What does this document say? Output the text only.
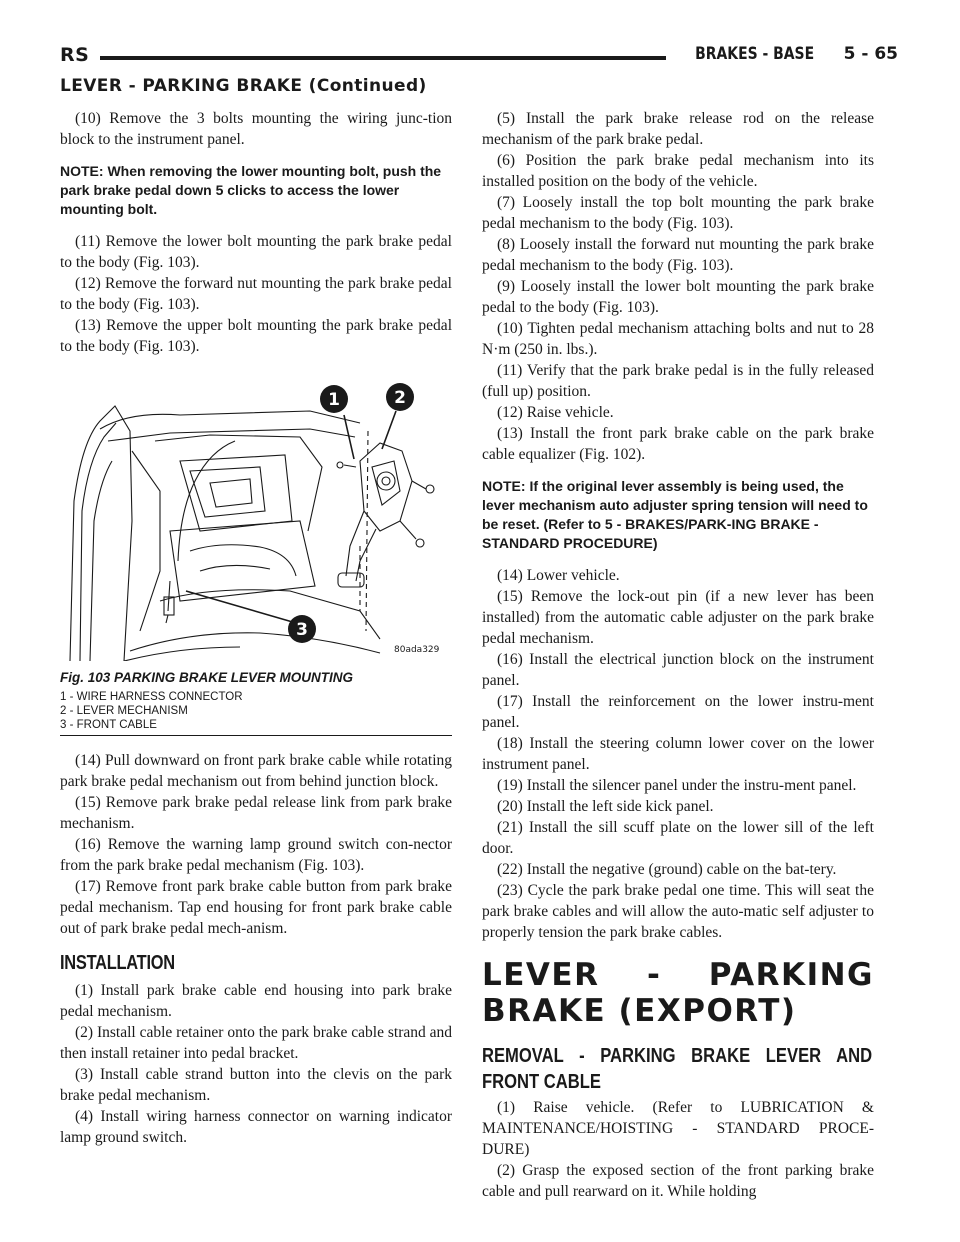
RS	BRAKES - BASE 5 - 65
LEVER - PARKING BRAKE (Continued)

(10) Remove the 3 bolts mounting the wiring junc-tion block to the instrument panel.

NOTE: When removing the lower mounting bolt, push the park brake pedal down 5 clicks to access the lower mounting bolt.

(11) Remove the lower bolt mounting the park brake pedal to the body (Fig. 103).

(12) Remove the forward nut mounting the park brake pedal to the body (Fig. 103).

(13) Remove the upper bolt mounting the park brake pedal to the body (Fig. 103).

1	2
3
80ada329
Fig. 103 PARKING BRAKE LEVER MOUNTING
1 - WIRE HARNESS CONNECTOR
2 - LEVER MECHANISM
3 - FRONT CABLE

(14) Pull downward on front park brake cable while rotating park brake pedal mechanism out from behind junction block.

(15) Remove park brake pedal release link from park brake mechanism.

(16) Remove the warning lamp ground switch con-nector from the park brake pedal mechanism (Fig. 103).

(17) Remove front park brake cable button from park brake pedal mechanism. Tap end housing for front park brake cable out of park brake pedal mech-anism.

INSTALLATION

(1) Install park brake cable end housing into park brake pedal mechanism.

(2) Install cable retainer onto the park brake cable strand and then install retainer into pedal bracket.

(3) Install cable strand button into the clevis on the park brake pedal mechanism.

(4) Install wiring harness connector on warning indicator lamp ground switch.

(5) Install the park brake release rod on the release mechanism of the park brake pedal.

(6) Position the park brake pedal mechanism into its installed position on the body of the vehicle.

(7) Loosely install the top bolt mounting the park brake pedal mechanism to the body (Fig. 103).

(8) Loosely install the forward nut mounting the park brake pedal mechanism to the body (Fig. 103).

(9) Loosely install the lower bolt mounting the park brake pedal to the body (Fig. 103).

(10) Tighten pedal mechanism attaching bolts and nut to 28 N·m (250 in. lbs.).

(11) Verify that the park brake pedal is in the fully released (full up) position.

(12) Raise vehicle.

(13) Install the front park brake cable on the park brake cable equalizer (Fig. 102).

NOTE: If the original lever assembly is being used, the lever mechanism auto adjuster spring tension will need to be reset. (Refer to 5 - BRAKES/PARK-ING BRAKE - STANDARD PROCEDURE)

(14) Lower vehicle.

(15) Remove the lock-out pin (if a new lever has been installed) from the automatic cable adjuster on the park brake pedal mechanism.

(16) Install the electrical junction block on the instrument panel.

(17) Install the reinforcement on the lower instru-ment panel.

(18) Install the steering column lower cover on the lower instrument panel.

(19) Install the silencer panel under the instru-ment panel.

(20) Install the left side kick panel.

(21) Install the sill scuff plate on the lower sill of the left door.

(22) Install the negative (ground) cable on the bat-tery.

(23) Cycle the park brake pedal one time. This will seat the park brake cables and will allow the auto-matic self adjuster to properly tension the park brake cables.

LEVER - PARKING BRAKE (EXPORT)
REMOVAL - PARKING BRAKE LEVER AND FRONT CABLE

(1) Raise vehicle. (Refer to LUBRICATION & MAINTENANCE/HOISTING - STANDARD PROCE-DURE)

(2) Grasp the exposed section of the front parking brake cable and pull rearward on it. While holding
